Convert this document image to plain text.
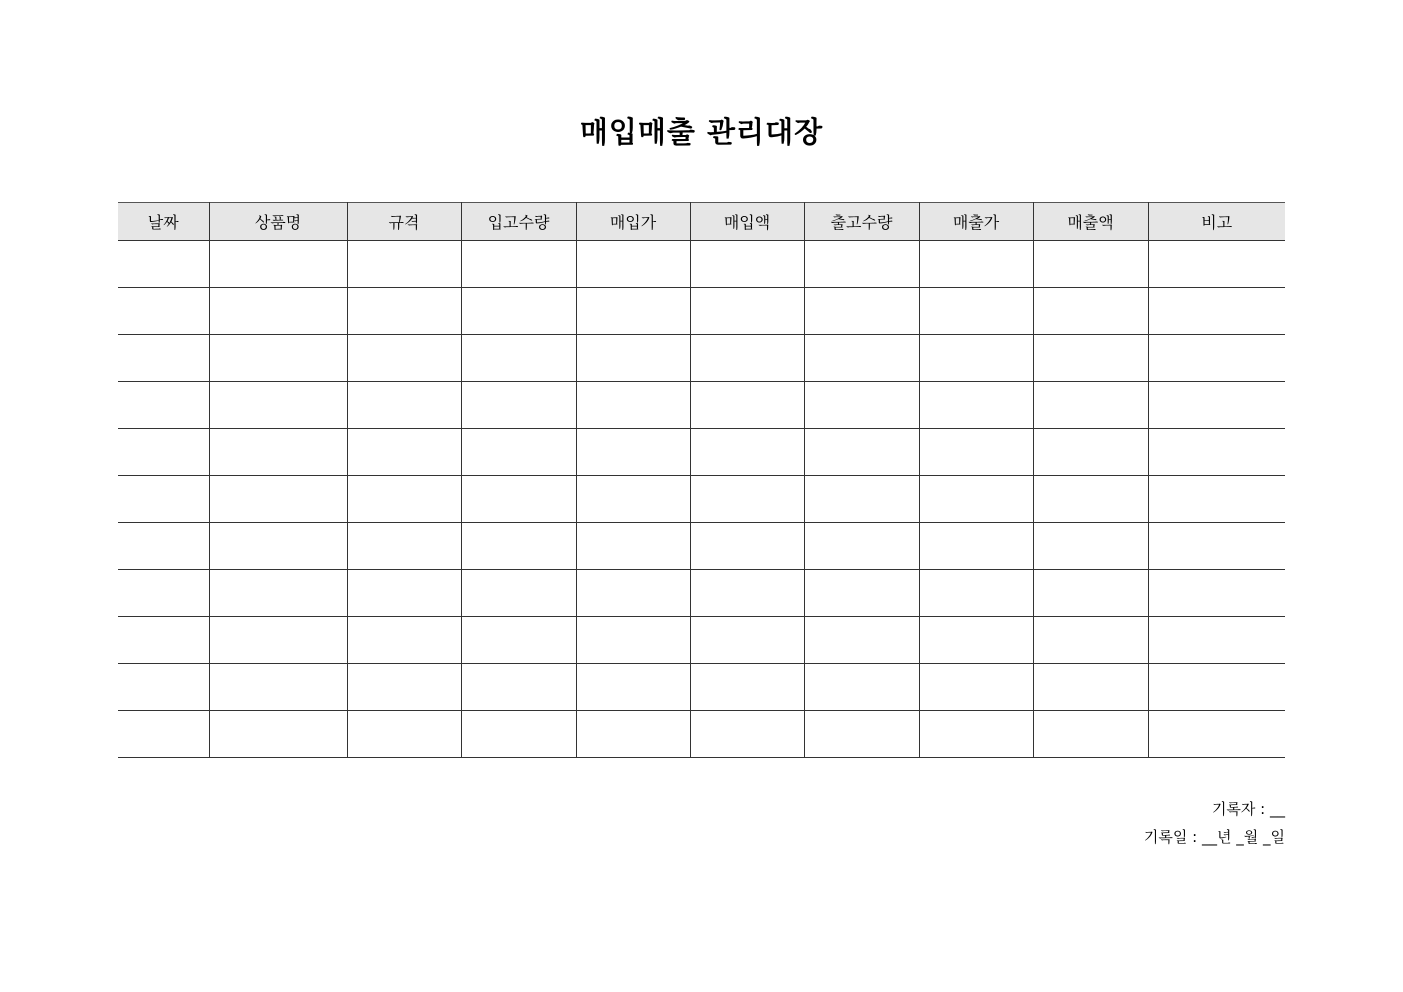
매입매출 관리대장
날짜	상품명	규격	입고수량	매입가	매입액	출고수량	매출가	매출액	비고

기록자 : __
기록일 : __년 _월 _일
